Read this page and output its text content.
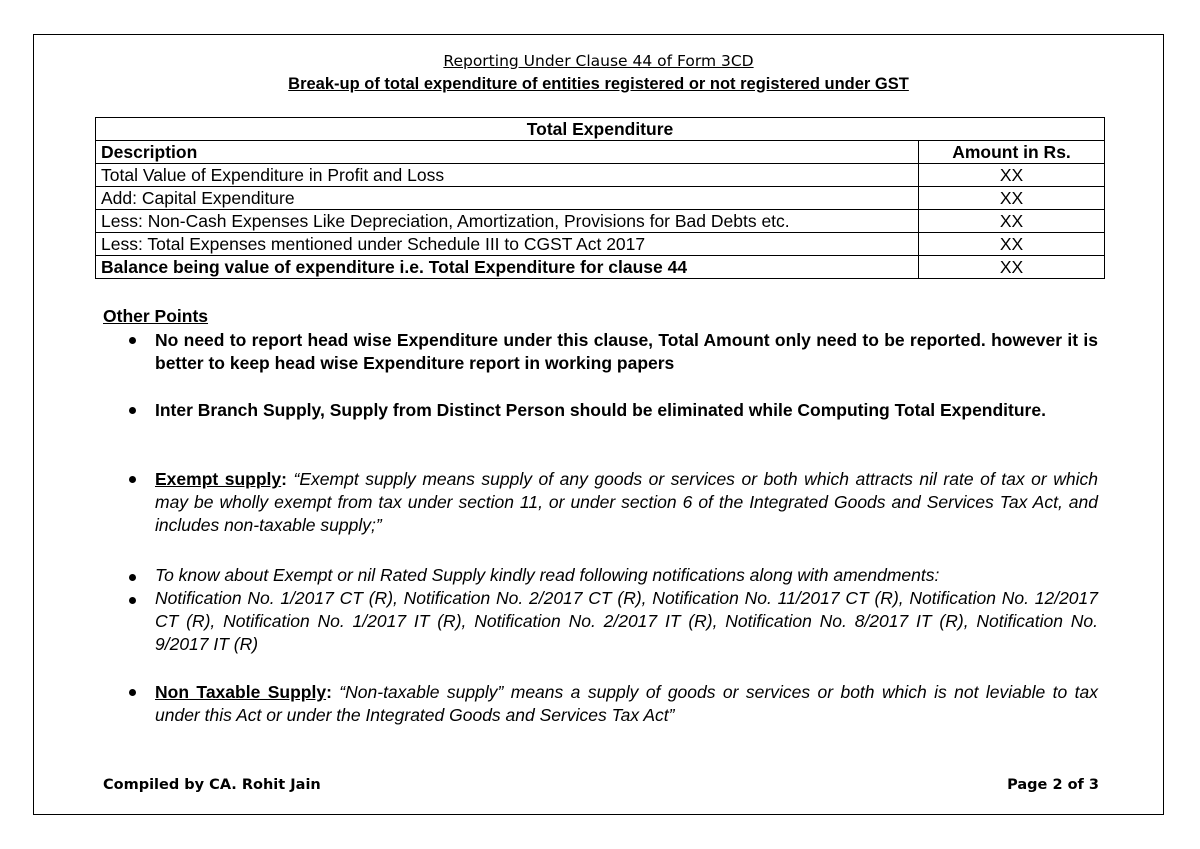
Reporting Under Clause 44 of Form 3CD
Break-up of total expenditure of entities registered or not registered under GST
Total Expenditure	
Description	Amount in Rs.
Total Value of Expenditure in Profit and Loss	XX
Add: Capital Expenditure	XX
Less: Non-Cash Expenses Like Depreciation, Amortization, Provisions for Bad Debts etc.	XX
Less: Total Expenses mentioned under Schedule III to CGST Act 2017	XX
Balance being value of expenditure i.e. Total Expenditure for clause 44	XX
Other Points
No need to report head wise Expenditure under this clause, Total Amount only need to be reported. however it is better to keep head wise Expenditure report in working papers
Inter Branch Supply, Supply from Distinct Person should be eliminated while Computing Total Expenditure.
Exempt supply: “Exempt supply means supply of any goods or services or both which attracts nil rate of tax or which may be wholly exempt from tax under section 11, or under section 6 of the Integrated Goods and Services Tax Act, and includes non-taxable supply;”
To know about Exempt or nil Rated Supply kindly read following notifications along with amendments:
Notification No. 1/2017 CT (R), Notification No. 2/2017 CT (R), Notification No. 11/2017 CT (R), Notification No. 12/2017 CT (R), Notification No. 1/2017 IT (R), Notification No. 2/2017 IT (R), Notification No. 8/2017 IT (R), Notification No. 9/2017 IT (R)
Non Taxable Supply: “Non-taxable supply” means a supply of goods or services or both which is not leviable to tax under this Act or under the Integrated Goods and Services Tax Act”
Compiled by CA. Rohit Jain	Page 2 of 3
